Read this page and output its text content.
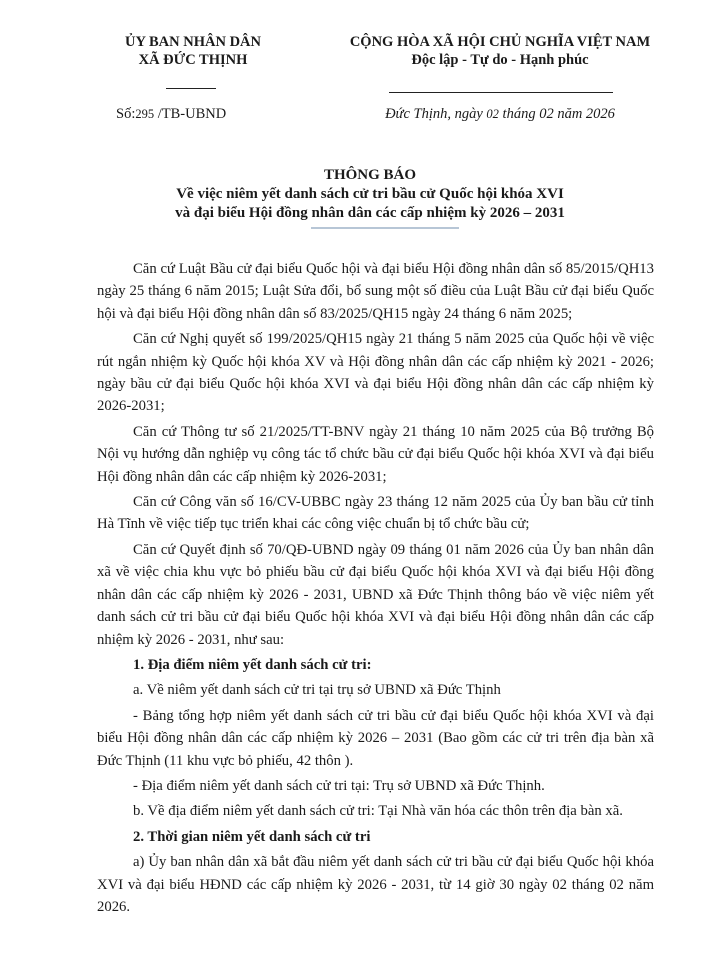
ỦY BAN NHÂN DÂN
XÃ ĐỨC THỊNH
CỘNG HÒA XÃ HỘI CHỦ NGHĨA VIỆT NAM
Độc lập - Tự do - Hạnh phúc
Số:295 /TB-UBND	Đức Thịnh, ngày 02 tháng 02 năm 2026
THÔNG BÁO
Về việc niêm yết danh sách cử tri bầu cử Quốc hội khóa XVI
và đại biểu Hội đồng nhân dân các cấp nhiệm kỳ 2026 – 2031

Căn cứ Luật Bầu cử đại biểu Quốc hội và đại biểu Hội đồng nhân dân số 85/2015/QH13 ngày 25 tháng 6 năm 2015; Luật Sửa đổi, bổ sung một số điều của Luật Bầu cử đại biểu Quốc hội và đại biểu Hội đồng nhân dân số 83/2025/QH15 ngày 24 tháng 6 năm 2025;

Căn cứ Nghị quyết số 199/2025/QH15 ngày 21 tháng 5 năm 2025 của Quốc hội về việc rút ngắn nhiệm kỳ Quốc hội khóa XV và Hội đồng nhân dân các cấp nhiệm kỳ 2021 - 2026; ngày bầu cử đại biểu Quốc hội khóa XVI và đại biểu Hội đồng nhân dân các cấp nhiệm kỳ 2026-2031;

Căn cứ Thông tư số 21/2025/TT-BNV ngày 21 tháng 10 năm 2025 của Bộ trưởng Bộ Nội vụ hướng dẫn nghiệp vụ công tác tổ chức bầu cử đại biểu Quốc hội khóa XVI và đại biểu Hội đồng nhân dân các cấp nhiệm kỳ 2026-2031;

Căn cứ Công văn số 16/CV-UBBC ngày 23 tháng 12 năm 2025 của Ủy ban bầu cử tỉnh Hà Tĩnh về việc tiếp tục triển khai các công việc chuẩn bị tổ chức bầu cử;

Căn cứ Quyết định số 70/QĐ-UBND ngày 09 tháng 01 năm 2026 của Ủy ban nhân dân xã về việc chia khu vực bỏ phiếu bầu cử đại biểu Quốc hội khóa XVI và đại biểu Hội đồng nhân dân các cấp nhiệm kỳ 2026 - 2031, UBND xã Đức Thịnh thông báo về việc niêm yết danh sách cử tri bầu cử đại biểu Quốc hội khóa XVI và đại biểu Hội đồng nhân dân các cấp nhiệm kỳ 2026 - 2031, như sau:

1. Địa điểm niêm yết danh sách cử tri:

a. Về niêm yết danh sách cử tri tại trụ sở UBND xã Đức Thịnh

- Bảng tổng hợp niêm yết danh sách cử tri bầu cử đại biểu Quốc hội khóa XVI và đại biểu Hội đồng nhân dân các cấp nhiệm kỳ 2026 – 2031 (Bao gồm các cử tri trên địa bàn xã Đức Thịnh (11 khu vực bỏ phiếu, 42 thôn ).

- Địa điểm niêm yết danh sách cử tri tại: Trụ sở UBND xã Đức Thịnh.

b. Về địa điểm niêm yết danh sách cử tri: Tại Nhà văn hóa các thôn trên địa bàn xã.

2. Thời gian niêm yết danh sách cử tri

a) Ủy ban nhân dân xã bắt đầu niêm yết danh sách cử tri bầu cử đại biểu Quốc hội khóa XVI và đại biểu HĐND các cấp nhiệm kỳ 2026 - 2031, từ 14 giờ 30 ngày 02 tháng 02 năm 2026.
